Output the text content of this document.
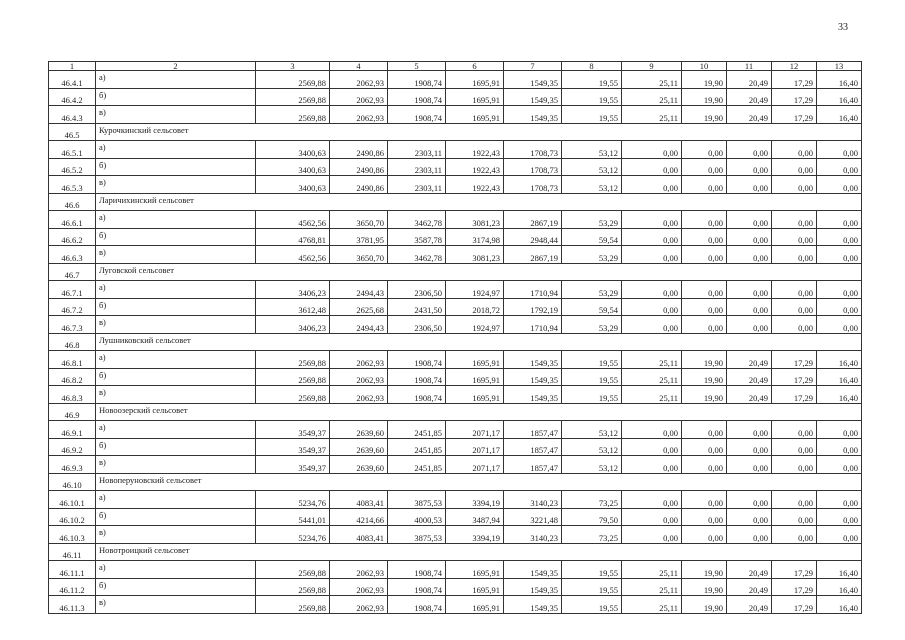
33
1	2	3	4	5	6	7	8	9	10	11	12	13
46.4.1	а)	2569,88	2062,93	1908,74	1695,91	1549,35	19,55	25,11	19,90	20,49	17,29	16,40
46.4.2	б)	2569,88	2062,93	1908,74	1695,91	1549,35	19,55	25,11	19,90	20,49	17,29	16,40
46.4.3	в)	2569,88	2062,93	1908,74	1695,91	1549,35	19,55	25,11	19,90	20,49	17,29	16,40
46.5	Курочкинский сельсовет											
46.5.1	а)	3400,63	2490,86	2303,11	1922,43	1708,73	53,12	0,00	0,00	0,00	0,00	0,00
46.5.2	б)	3400,63	2490,86	2303,11	1922,43	1708,73	53,12	0,00	0,00	0,00	0,00	0,00
46.5.3	в)	3400,63	2490,86	2303,11	1922,43	1708,73	53,12	0,00	0,00	0,00	0,00	0,00
46.6	Ларичихинский сельсовет											
46.6.1	а)	4562,56	3650,70	3462,78	3081,23	2867,19	53,29	0,00	0,00	0,00	0,00	0,00
46.6.2	б)	4768,81	3781,95	3587,78	3174,98	2948,44	59,54	0,00	0,00	0,00	0,00	0,00
46.6.3	в)	4562,56	3650,70	3462,78	3081,23	2867,19	53,29	0,00	0,00	0,00	0,00	0,00
46.7	Луговской сельсовет											
46.7.1	а)	3406,23	2494,43	2306,50	1924,97	1710,94	53,29	0,00	0,00	0,00	0,00	0,00
46.7.2	б)	3612,48	2625,68	2431,50	2018,72	1792,19	59,54	0,00	0,00	0,00	0,00	0,00
46.7.3	в)	3406,23	2494,43	2306,50	1924,97	1710,94	53,29	0,00	0,00	0,00	0,00	0,00
46.8	Лушниковский сельсовет											
46.8.1	а)	2569,88	2062,93	1908,74	1695,91	1549,35	19,55	25,11	19,90	20,49	17,29	16,40
46.8.2	б)	2569,88	2062,93	1908,74	1695,91	1549,35	19,55	25,11	19,90	20,49	17,29	16,40
46.8.3	в)	2569,88	2062,93	1908,74	1695,91	1549,35	19,55	25,11	19,90	20,49	17,29	16,40
46.9	Новоозерский сельсовет											
46.9.1	а)	3549,37	2639,60	2451,85	2071,17	1857,47	53,12	0,00	0,00	0,00	0,00	0,00
46.9.2	б)	3549,37	2639,60	2451,85	2071,17	1857,47	53,12	0,00	0,00	0,00	0,00	0,00
46.9.3	в)	3549,37	2639,60	2451,85	2071,17	1857,47	53,12	0,00	0,00	0,00	0,00	0,00
46.10	Новоперуновский сельсовет											
46.10.1	а)	5234,76	4083,41	3875,53	3394,19	3140,23	73,25	0,00	0,00	0,00	0,00	0,00
46.10.2	б)	5441,01	4214,66	4000,53	3487,94	3221,48	79,50	0,00	0,00	0,00	0,00	0,00
46.10.3	в)	5234,76	4083,41	3875,53	3394,19	3140,23	73,25	0,00	0,00	0,00	0,00	0,00
46.11	Новотроицкий сельсовет											
46.11.1	а)	2569,88	2062,93	1908,74	1695,91	1549,35	19,55	25,11	19,90	20,49	17,29	16,40
46.11.2	б)	2569,88	2062,93	1908,74	1695,91	1549,35	19,55	25,11	19,90	20,49	17,29	16,40
46.11.3	в)	2569,88	2062,93	1908,74	1695,91	1549,35	19,55	25,11	19,90	20,49	17,29	16,40
